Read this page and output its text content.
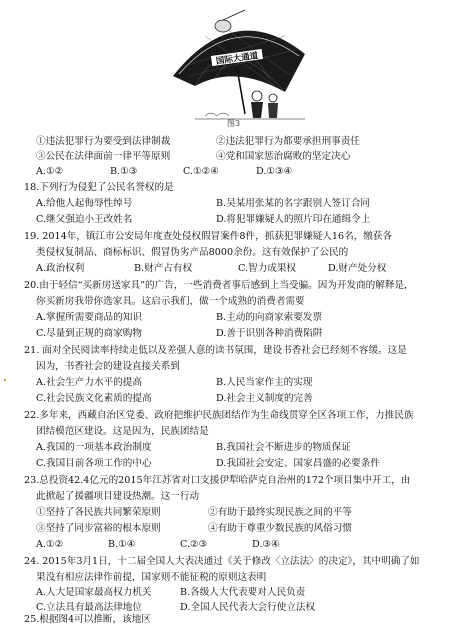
国际大通道
图3
①违法犯罪行为要受到法律制裁	②违法犯罪行为都要承担刑事责任
③公民在法律面前一律平等原则	④党和国家惩治腐败的坚定决心
A.①②	B.①③	C.①②④	D.①③④
18.下列行为侵犯了公民名誉权的是
A.给他人起侮辱性绰号	B.吴某用张某的名字跟别人签订合同
C.继父强迫小王改姓名	D.将犯罪嫌疑人的照片印在通缉令上
19. 2014年，镇江市公安局年度查处侵权假冒案件8件，抓获犯罪嫌疑人16名，缴获各
类侵权复制品、商标标识、假冒伪劣产品8000余份。这有效保护了公民的
A.政治权利	B.财产占有权	C.智力成果权	D.财产处分权
20.由于轻信“买新房送家具”的广告，一些消费者事后感到上当受骗。因为开发商的解释是，
你买新房我带你选家具。这启示我们，做一个成熟的消费者需要
A.掌握所需要商品的知识	B.主动的向商家索要发票
C.尽量到正规的商家购物	D.善于识别各种消费陷阱
21. 面对全民阅读率持续走低以及差强人意的读书氛围，建设书香社会已经刻不容缓。这是
因为，书香社会的建设直接关系到
A.社会生产力水平的提高	B.人民当家作主的实现
C.社会民族文化素质的提高	D.社会主义制度的完善
22.多年来，西藏自治区党委、政府把维护民族团结作为生命线贯穿全区各项工作，力推民族
团结模范区建设。这是因为，民族团结是
A.我国的一项基本政治制度	B.我国社会不断进步的物质保证
C.我国目前各项工作的中心	D.我国社会安定、国家昌盛的必要条件
23.总投资42.4亿元的2015年江苏省对口支援伊犁哈萨克自治州的172个项目集中开工，由
此掀起了援疆项目建设热潮。这一行动
①坚持了各民族共同繁荣原则	②有助于最终实现民族之间的平等
③坚持了同步富裕的根本原则	④有助于尊重少数民族的风俗习惯
A.①②	B.①④	C.②③	D.③④
24. 2015年3月1日，十二届全国人大表决通过《关于修改〈立法法〉的决定》，其中明确了如
果没有相应法律作前提，国家则不能征税的原则这表明
A.人大是国家最高权力机关	B.各级人大代表要对人民负责
C.立法具有最高法律地位	D.全国人民代表大会行使立法权
25.根据图4可以推断，该地区
